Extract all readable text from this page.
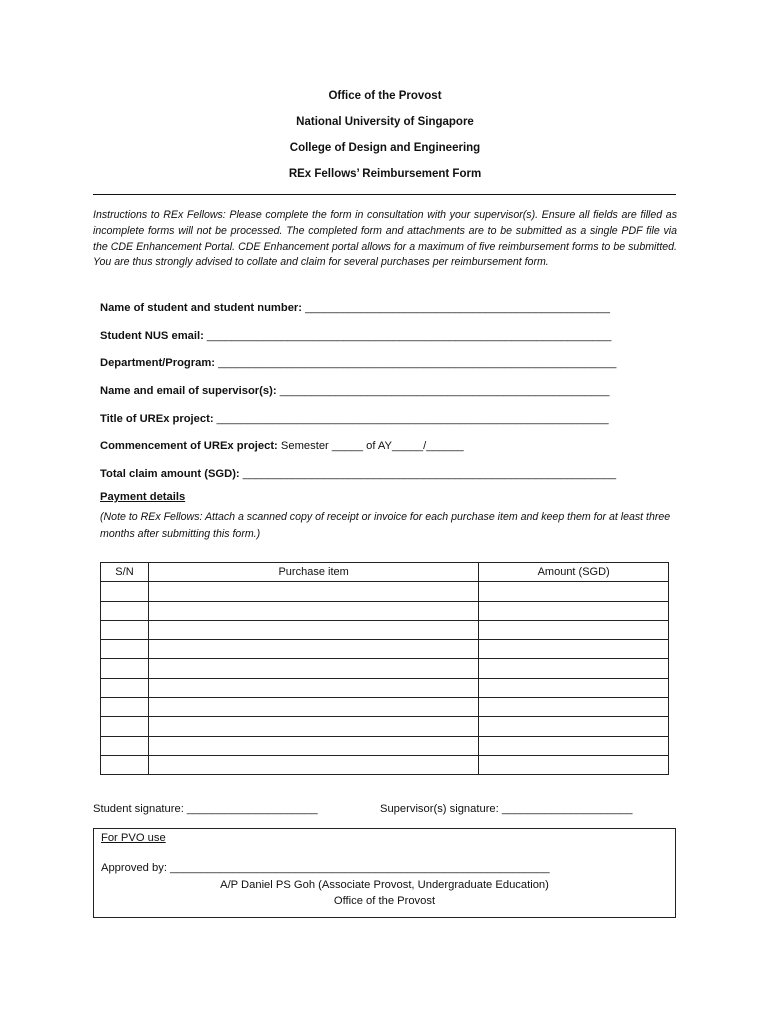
Office of the Provost
National University of Singapore
College of Design and Engineering
REx Fellows’ Reimbursement Form
Instructions to REx Fellows: Please complete the form in consultation with your supervisor(s). Ensure all fields are filled as incomplete forms will not be processed. The completed form and attachments are to be submitted as a single PDF file via the CDE Enhancement Portal. CDE Enhancement portal allows for a maximum of five reimbursement forms to be submitted. You are thus strongly advised to collate and claim for several purchases per reimbursement form.
Name of student and student number: _________________________________________________
Student NUS email: _________________________________________________________________
Department/Program: ________________________________________________________________
Name and email of supervisor(s): _____________________________________________________
Title of UREx project: _______________________________________________________________
Commencement of UREx project: Semester _____ of AY_____/______
Total claim amount (SGD): ____________________________________________________________
Payment details
(Note to REx Fellows: Attach a scanned copy of receipt or invoice for each purchase item and keep them for at least three months after submitting this form.)
S/N	Purchase item	Amount (SGD)

Student signature: _____________________	Supervisor(s) signature: _____________________
For PVO use
Approved by: _____________________________________________________________
A/P Daniel PS Goh (Associate Provost, Undergraduate Education)
Office of the Provost
